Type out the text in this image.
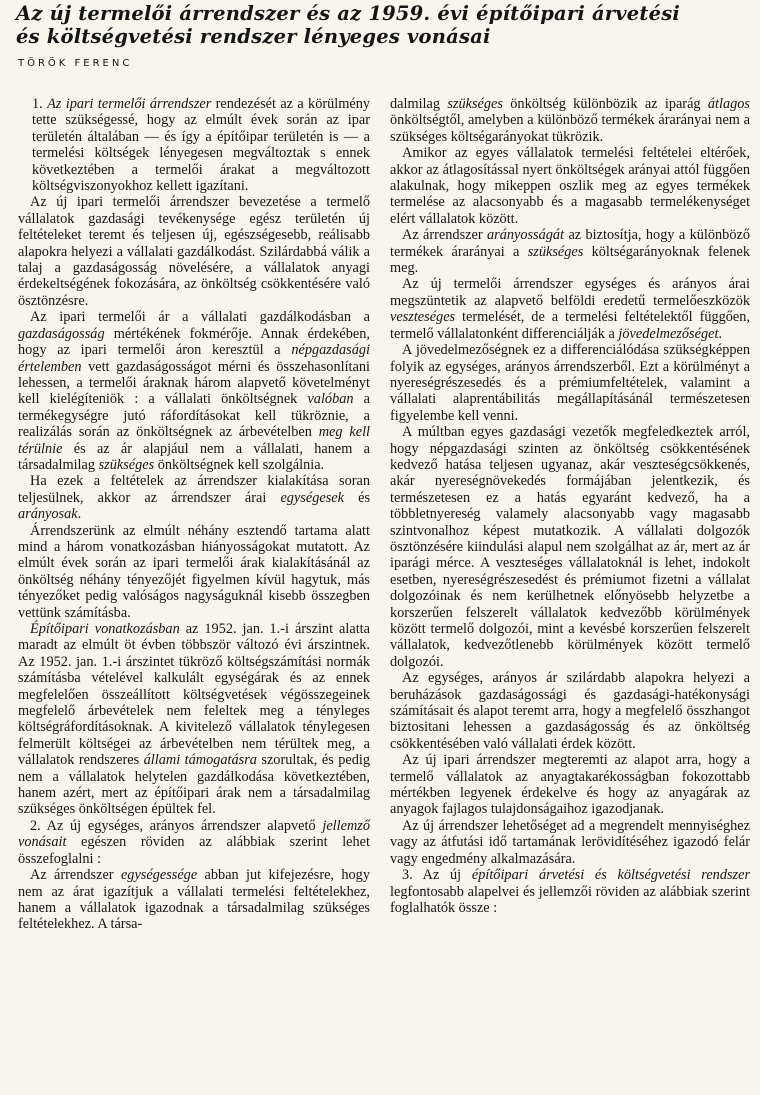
Az új termelői árrendszer és az 1959. évi építőipari árvetési
és költségvetési rendszer lényeges vonásai
TÖRÖK FERENC

1. Az ipari termelői árrendszer rendezését az a körülmény tette szükségessé, hogy az elmúlt évek során az ipar területén általában — és így a építőipar területén is — a termelési költségek lényegesen megváltoztak s ennek következtében a termelői árakat a megváltozott költségviszonyokhoz kellett igazítani.

Az új ipari termelői árrendszer bevezetése a termelő vállalatok gazdasági tevékenysége egész területén új feltételeket teremt és teljesen új, egészségesebb, reálisabb alapokra helyezi a vállalati gazdálkodást. Szilárdabbá válik a talaj a gazdaságosság növelésére, a vállalatok anyagi érdekeltségének fokozására, az önköltség csökkentésére való ösztönzésre.

Az ipari termelői ár a vállalati gazdálkodásban a gazdaságosság mértékének fokmérője. Annak érdekében, hogy az ipari termelői áron keresztül a népgazdasági értelemben vett gazdaságosságot mérni és összehasonlítani lehessen, a termelői áraknak három alapvető követelményt kell kielégíteniök : a vállalati önköltségnek valóban a termékegységre jutó ráfordításokat kell tükröznie, a realizálás során az önköltségnek az árbevételben meg kell térülnie és az ár alapjául nem a vállalati, hanem a társadalmilag szükséges önköltségnek kell szolgálnia.

Ha ezek a feltételek az árrendszer kialakítása soran teljesülnek, akkor az árrendszer árai egységesek és arányosak.

Árrendszerünk az elmúlt néhány esztendő tartama alatt mind a három vonatkozásban hiányosságokat mutatott. Az elmúlt évek során az ipari termelői árak kialakításánál az önköltség néhány tényezőjét figyelmen kívül hagytuk, más tényezőket pedig valóságos nagyságuknál kisebb összegben vettünk számításba.

Építőipari vonatkozásban az 1952. jan. 1.-i árszint alatta maradt az elmúlt öt évben többször változó évi árszintnek. Az 1952. jan. 1.-i árszintet tükröző költségszámítási normák számításba vételével kalkulált egységárak és az ennek megfelelően összeállított költségvetések végösszegeinek megfelelő árbevételek nem feleltek meg a tényleges költségráfordításoknak. A kivitelező vállalatok ténylegesen felmerült költségei az árbevételben nem térültek meg, a vállalatok rendszeres állami támogatásra szorultak, és pedig nem a vállalatok helytelen gazdálkodása következtében, hanem azért, mert az építőipari árak nem a társadalmilag szükséges önköltségen épültek fel.

2. Az új egységes, arányos árrendszer alapvető jellemző vonásait egészen röviden az alábbiak szerint lehet összefoglalni :

Az árrendszer egységessége abban jut kifejezésre, hogy nem az árat igazítjuk a vállalati termelési feltételekhez, hanem a vállalatok igazodnak a társadalmilag szükséges feltételekhez. A társa-

dalmilag szükséges önköltség különbözik az iparág átlagos önköltségtől, amelyben a különböző termékek árarányai nem a szükséges költségarányokat tükrözik.

Amikor az egyes vállalatok termelési feltételei eltérőek, akkor az átlagosítással nyert önköltségek arányai attól függően alakulnak, hogy mikeppen oszlik meg az egyes termékek termelése az alacsonyabb és a magasabb termelékenységet elért vállalatok között.

Az árrendszer arányosságát az biztosítja, hogy a különböző termékek árarányai a szükséges költségarányoknak felenek meg.

Az új termelői árrendszer egységes és arányos árai megszüntetik az alapvető belföldi eredetű termelőeszközök veszteséges termelését, de a termelési feltételektől függően, termelő vállalatonként differenciálják a jövedelmezőséget.

A jövedelmezőségnek ez a differenciálódása szükségképpen folyik az egységes, arányos árrendszerből. Ezt a körülményt a nyereségrészesedés és a prémiumfeltételek, valamint a vállalati alaprentábilitás megállapításánál természetesen figyelembe kell venni.

A múltban egyes gazdasági vezetők megfeledkeztek arról, hogy népgazdasági szinten az önköltség csökkentésének kedvező hatása teljesen ugyanaz, akár veszteségcsökkenés, akár nyereségnövekedés formájában jelentkezik, és természetesen ez a hatás egyaránt kedvező, ha a többletnyereség valamely alacsonyabb vagy magasabb szintvonalhoz képest mutatkozik. A vállalati dolgozók ösztönzésére kiindulási alapul nem szolgálhat az ár, mert az ár iparági mérce. A veszteséges vállalatoknál is lehet, indokolt esetben, nyereségrészesedést és prémiumot fizetni a vállalat dolgozóinak és nem kerülhetnek előnyösebb helyzetbe a korszerűen felszerelt vállalatok kedvezőbb körülmények között termelő dolgozói, mint a kevésbé korszerűen felszerelt vállalatok, kedvezőtlenebb körülmények között termelő dolgozói.

Az egységes, arányos ár szilárdabb alapokra helyezi a beruházások gazdaságossági és gazdasági-hatékonysági számításait és alapot teremt arra, hogy a megfelelő összhangot biztositani lehessen a gazdaságosság és az önköltség csökkentésében való vállalati érdek között.

Az új ipari árrendszer megteremti az alapot arra, hogy a termelő vállalatok az anyagtakarékosságban fokozottabb mértékben legyenek érdekelve és hogy az anyagárak az anyagok fajlagos tulajdonságaihoz igazodjanak.

Az új árrendszer lehetőséget ad a megrendelt mennyiséghez vagy az átfutási idő tartamának lerövidítéséhez igazodó felár vagy engedmény alkalmazására.

3. Az új építőipari árvetési és költségvetési rendszer legfontosabb alapelvei és jellemzői röviden az alábbiak szerint foglalhatók össze :
